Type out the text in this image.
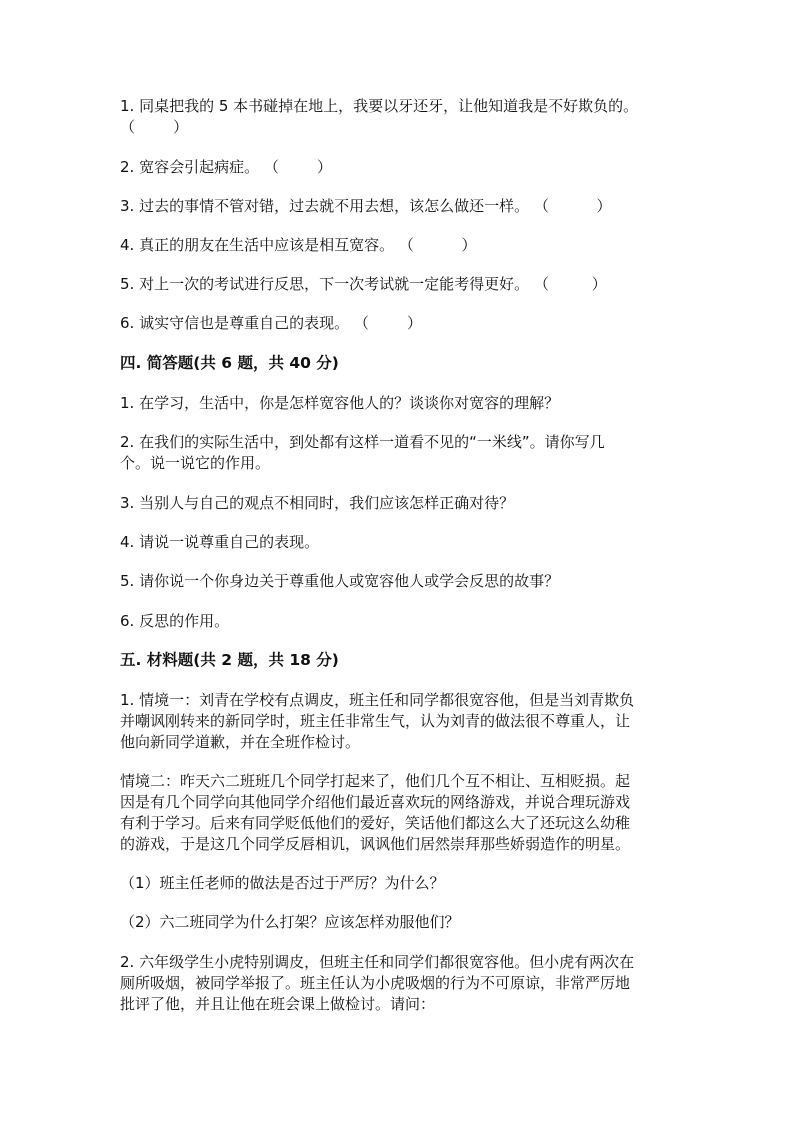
1. 同桌把我的 5 本书碰掉在地上，我要以牙还牙，让他知道我是不好欺负的。
（        ）
2. 宽容会引起病症。 （        ）
3. 过去的事情不管对错，过去就不用去想，该怎么做还一样。 （          ）
4. 真正的朋友在生活中应该是相互宽容。 （          ）
5. 对上一次的考试进行反思，下一次考试就一定能考得更好。 （         ）
6. 诚实守信也是尊重自己的表现。 （        ）
四. 简答题(共 6 题，共 40 分)
1. 在学习，生活中，你是怎样宽容他人的？谈谈你对宽容的理解？
2. 在我们的实际生活中，到处都有这样一道看不见的“一米线”。请你写几
个。说一说它的作用。
3. 当别人与自己的观点不相同时，我们应该怎样正确对待？
4. 请说一说尊重自己的表现。
5. 请你说一个你身边关于尊重他人或宽容他人或学会反思的故事？
6. 反思的作用。
五. 材料题(共 2 题，共 18 分)
1. 情境一：刘青在学校有点调皮，班主任和同学都很宽容他，但是当刘青欺负
并嘲讽刚转来的新同学时，班主任非常生气，认为刘青的做法很不尊重人，让
他向新同学道歉，并在全班作检讨。
情境二：昨天六二班班几个同学打起来了，他们几个互不相让、互相贬损。起
因是有几个同学向其他同学介绍他们最近喜欢玩的网络游戏，并说合理玩游戏
有利于学习。后来有同学贬低他们的爱好，笑话他们都这么大了还玩这么幼稚
的游戏，于是这几个同学反唇相讥，讽讽他们居然崇拜那些娇弱造作的明星。
（1）班主任老师的做法是否过于严厉？为什么？
（2）六二班同学为什么打架？应该怎样劝服他们？
2. 六年级学生小虎特别调皮，但班主任和同学们都很宽容他。但小虎有两次在
厕所吸烟，被同学举报了。班主任认为小虎吸烟的行为不可原谅，非常严厉地
批评了他，并且让他在班会课上做检讨。请问：
